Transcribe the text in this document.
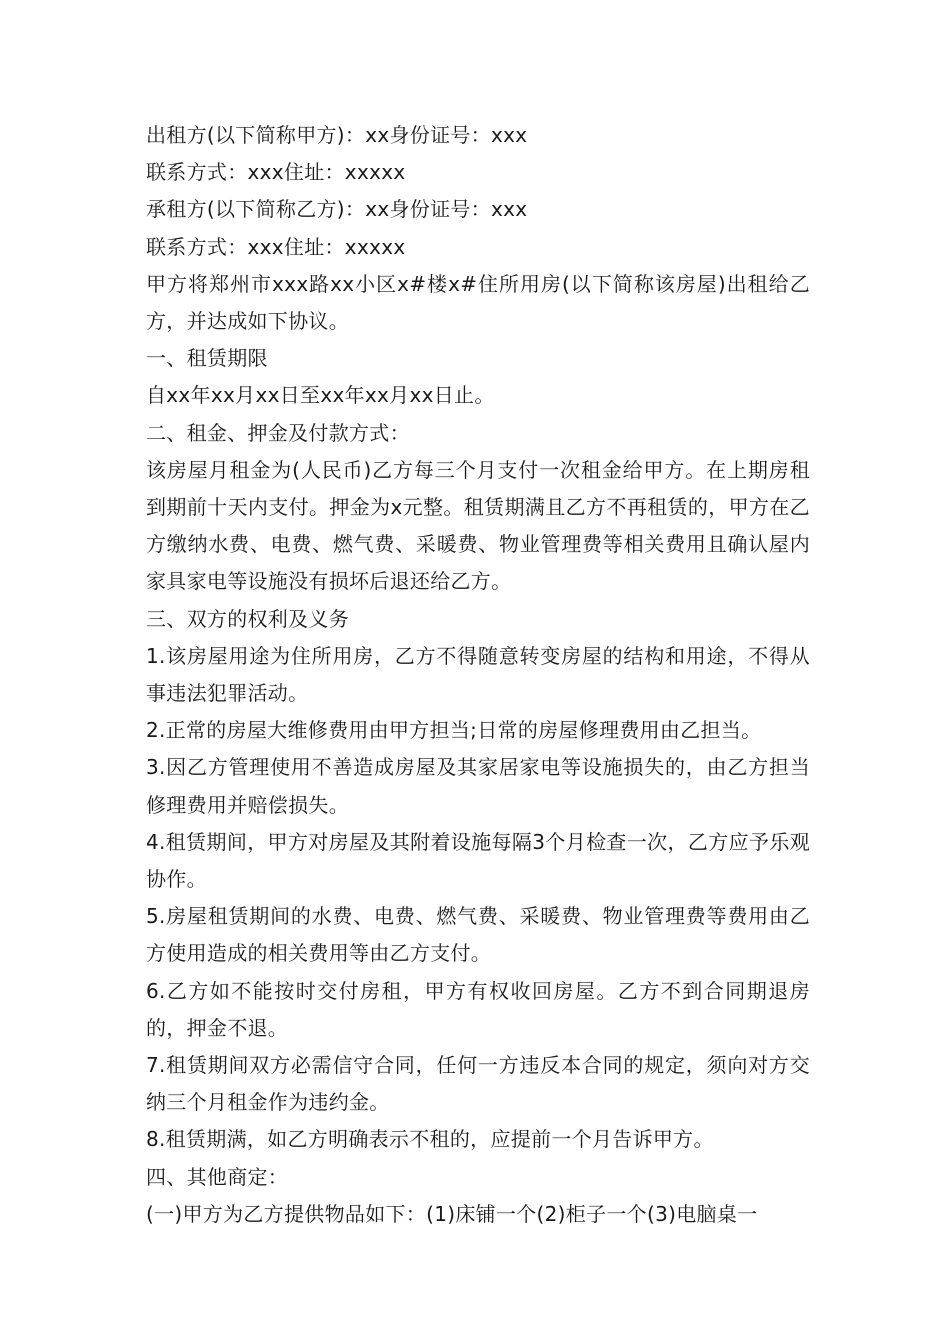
出租方(以下简称甲方)：xx身份证号：xxx

联系方式：xxx住址：xxxxx

承租方(以下简称乙方)：xx身份证号：xxx

联系方式：xxx住址：xxxxx

甲方将郑州市xxx路xx小区x#楼x#住所用房(以下简称该房屋)出租给乙方，并达成如下协议。

一、租赁期限

自xx年xx月xx日至xx年xx月xx日止。

二、租金、押金及付款方式：

该房屋月租金为(人民币)乙方每三个月支付一次租金给甲方。在上期房租到期前十天内支付。押金为x元整。租赁期满且乙方不再租赁的，甲方在乙方缴纳水费、电费、燃气费、采暖费、物业管理费等相关费用且确认屋内家具家电等设施没有损坏后退还给乙方。

三、双方的权利及义务

1.该房屋用途为住所用房，乙方不得随意转变房屋的结构和用途，不得从事违法犯罪活动。

2.正常的房屋大维修费用由甲方担当;日常的房屋修理费用由乙担当。

3.因乙方管理使用不善造成房屋及其家居家电等设施损失的，由乙方担当修理费用并赔偿损失。

4.租赁期间，甲方对房屋及其附着设施每隔3个月检查一次，乙方应予乐观协作。

5.房屋租赁期间的水费、电费、燃气费、采暖费、物业管理费等费用由乙方使用造成的相关费用等由乙方支付。

6.乙方如不能按时交付房租，甲方有权收回房屋。乙方不到合同期退房的，押金不退。

7.租赁期间双方必需信守合同，任何一方违反本合同的规定，须向对方交纳三个月租金作为违约金。

8.租赁期满，如乙方明确表示不租的，应提前一个月告诉甲方。

四、其他商定：

(一)甲方为乙方提供物品如下：(1)床铺一个(2)柜子一个(3)电脑桌一
